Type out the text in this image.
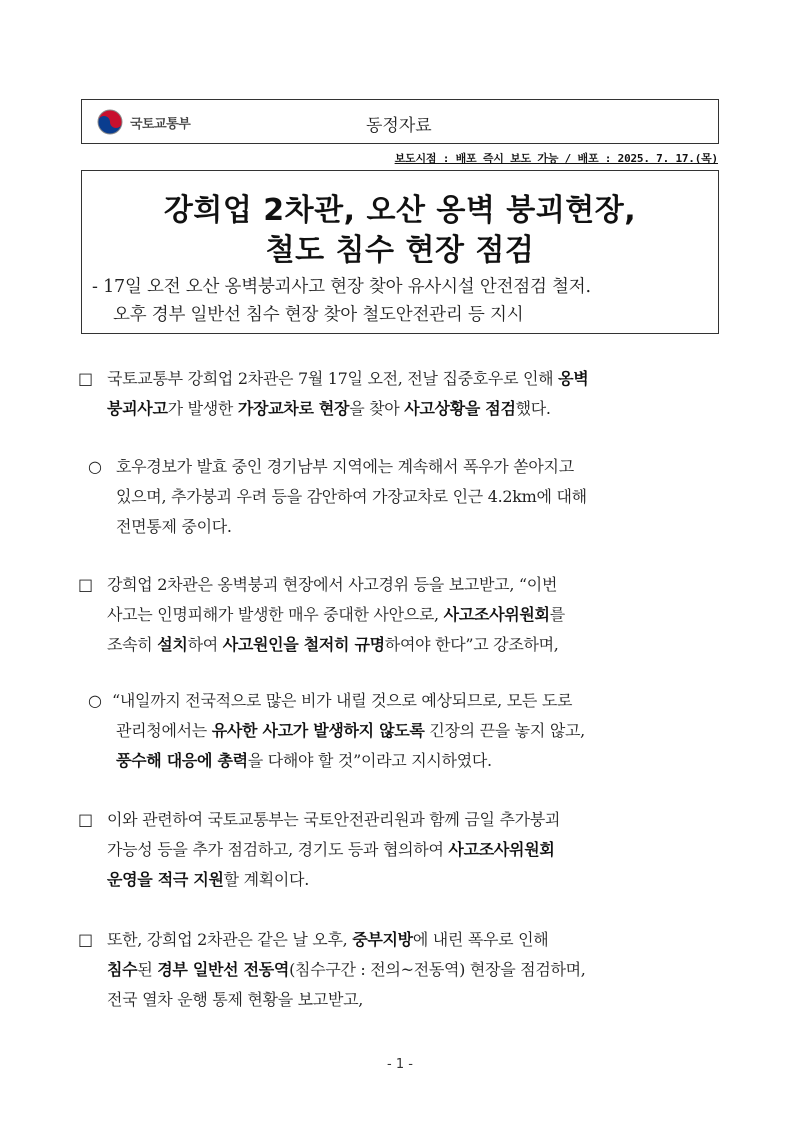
국토교통부	동정자료
보도시점 : 배포 즉시 보도 가능 / 배포 : 2025. 7. 17.(목)
강희업 2차관, 오산 옹벽 붕괴현장,
철도 침수 현장 점검
- 17일 오전 오산 옹벽붕괴사고 현장 찾아 유사시설 안전점검 철저.
오후 경부 일반선 침수 현장 찾아 철도안전관리 등 지시
□ 국토교통부 강희업 2차관은 7월 17일 오전, 전날 집중호우로 인해 옹벽
붕괴사고가 발생한 가장교차로 현장을 찾아 사고상황을 점검했다.
○ 호우경보가 발효 중인 경기남부 지역에는 계속해서 폭우가 쏟아지고
있으며, 추가붕괴 우려 등을 감안하여 가장교차로 인근 4.2km에 대해
전면통제 중이다.
□ 강희업 2차관은 옹벽붕괴 현장에서 사고경위 등을 보고받고, “이번
사고는 인명피해가 발생한 매우 중대한 사안으로, 사고조사위원회를
조속히 설치하여 사고원인을 철저히 규명하여야 한다”고 강조하며,
○ “내일까지 전국적으로 많은 비가 내릴 것으로 예상되므로, 모든 도로
관리청에서는 유사한 사고가 발생하지 않도록 긴장의 끈을 놓지 않고,
풍수해 대응에 총력을 다해야 할 것”이라고 지시하였다.
□ 이와 관련하여 국토교통부는 국토안전관리원과 함께 금일 추가붕괴
가능성 등을 추가 점검하고, 경기도 등과 협의하여 사고조사위원회
운영을 적극 지원할 계획이다.
□ 또한, 강희업 2차관은 같은 날 오후, 중부지방에 내린 폭우로 인해
침수된 경부 일반선 전동역(침수구간 : 전의~전동역) 현장을 점검하며,
전국 열차 운행 통제 현황을 보고받고,
- 1 -
